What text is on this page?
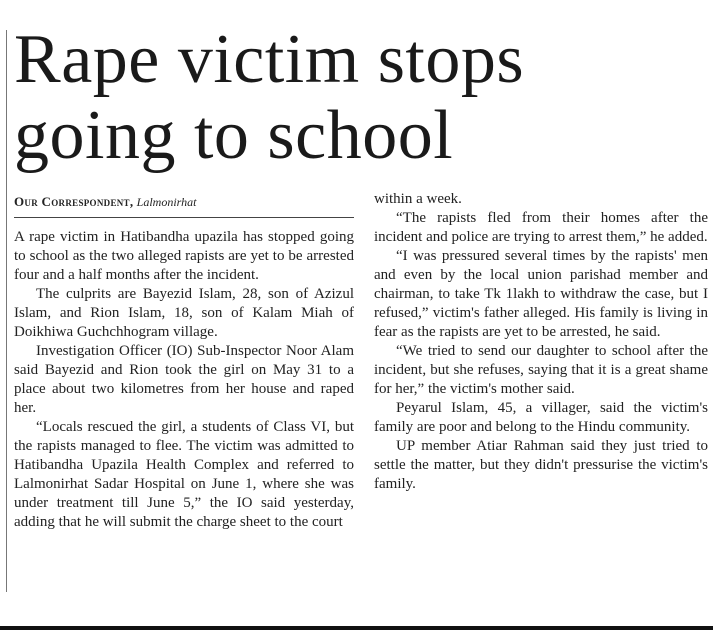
Rape victim stops going to school
Our Correspondent, Lalmonirhat

A rape victim in Hatibandha upazila has stopped going to school as the two alleged rapists are yet to be arrested four and a half months after the incident.

The culprits are Bayezid Islam, 28, son of Azizul Islam, and Rion Islam, 18, son of Kalam Miah of Doikhiwa Guchchhogram village.

Investigation Officer (IO) Sub-Inspector Noor Alam said Bayezid and Rion took the girl on May 31 to a place about two kilometres from her house and raped her.

“Locals rescued the girl, a students of Class VI, but the rapists managed to flee. The victim was admitted to Hatibandha Upazila Health Complex and referred to Lalmonirhat Sadar Hospital on June 1, where she was under treatment till June 5,” the IO said yesterday, adding that he will submit the charge sheet to the court

within a week.

“The rapists fled from their homes after the incident and police are trying to arrest them,” he added.

“I was pressured several times by the rapists' men and even by the local union parishad member and chairman, to take Tk 1lakh to withdraw the case, but I refused,” victim's father alleged. His family is living in fear as the rapists are yet to be arrested, he said.

“We tried to send our daughter to school after the incident, but she refuses, saying that it is a great shame for her,” the victim's mother said.

Peyarul Islam, 45, a villager, said the victim's family are poor and belong to the Hindu community.

UP member Atiar Rahman said they just tried to settle the matter, but they didn't pressurise the victim's family.
